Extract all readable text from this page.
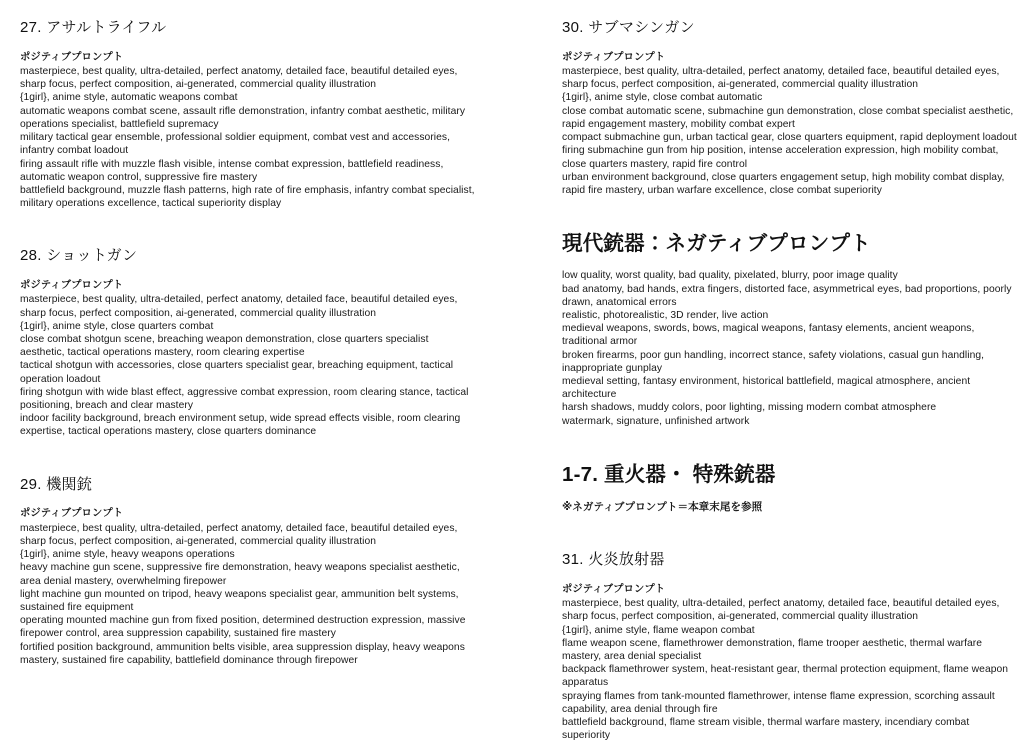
27. アサルトライフル
ポジティブプロンプト

masterpiece, best quality, ultra-detailed, perfect anatomy, detailed face, beautiful detailed eyes, sharp focus, perfect composition, ai-generated, commercial quality illustration

{1girl}, anime style, automatic weapons combat

automatic weapons combat scene, assault rifle demonstration, infantry combat aesthetic, military operations specialist, battlefield supremacy

military tactical gear ensemble, professional soldier equipment, combat vest and accessories, infantry combat loadout

firing assault rifle with muzzle flash visible, intense combat expression, battlefield readiness, automatic weapon control, suppressive fire mastery

battlefield background, muzzle flash patterns, high rate of fire emphasis, infantry combat specialist, military operations excellence, tactical superiority display

28. ショットガン
ポジティブプロンプト

masterpiece, best quality, ultra-detailed, perfect anatomy, detailed face, beautiful detailed eyes, sharp focus, perfect composition, ai-generated, commercial quality illustration

{1girl}, anime style, close quarters combat

close combat shotgun scene, breaching weapon demonstration, close quarters specialist aesthetic, tactical operations mastery, room clearing expertise

tactical shotgun with accessories, close quarters specialist gear, breaching equipment, tactical operation loadout

firing shotgun with wide blast effect, aggressive combat expression, room clearing stance, tactical positioning, breach and clear mastery

indoor facility background, breach environment setup, wide spread effects visible, room clearing expertise, tactical operations mastery, close quarters dominance

29. 機関銃
ポジティブプロンプト

masterpiece, best quality, ultra-detailed, perfect anatomy, detailed face, beautiful detailed eyes, sharp focus, perfect composition, ai-generated, commercial quality illustration

{1girl}, anime style, heavy weapons operations

heavy machine gun scene, suppressive fire demonstration, heavy weapons specialist aesthetic, area denial mastery, overwhelming firepower

light machine gun mounted on tripod, heavy weapons specialist gear, ammunition belt systems, sustained fire equipment

operating mounted machine gun from fixed position, determined destruction expression, massive firepower control, area suppression capability, sustained fire mastery

fortified position background, ammunition belts visible, area suppression display, heavy weapons mastery, sustained fire capability, battlefield dominance through firepower

30. サブマシンガン
ポジティブプロンプト

masterpiece, best quality, ultra-detailed, perfect anatomy, detailed face, beautiful detailed eyes, sharp focus, perfect composition, ai-generated, commercial quality illustration

{1girl}, anime style, close combat automatic

close combat automatic scene, submachine gun demonstration, close combat specialist aesthetic, rapid engagement mastery, mobility combat expert

compact submachine gun, urban tactical gear, close quarters equipment, rapid deployment loadout

firing submachine gun from hip position, intense acceleration expression, high mobility combat, close quarters mastery, rapid fire control

urban environment background, close quarters engagement setup, high mobility combat display, rapid fire mastery, urban warfare excellence, close combat superiority

現代銃器：ネガティブプロンプト

low quality, worst quality, bad quality, pixelated, blurry, poor image quality

bad anatomy, bad hands, extra fingers, distorted face, asymmetrical eyes, bad proportions, poorly drawn, anatomical errors

realistic, photorealistic, 3D render, live action

medieval weapons, swords, bows, magical weapons, fantasy elements, ancient weapons, traditional armor

broken firearms, poor gun handling, incorrect stance, safety violations, casual gun handling, inappropriate gunplay

medieval setting, fantasy environment, historical battlefield, magical atmosphere, ancient architecture

harsh shadows, muddy colors, poor lighting, missing modern combat atmosphere

watermark, signature, unfinished artwork

1-7. 重火器・ 特殊銃器
※ネガティブプロンプト＝本章末尾を参照
31. 火炎放射器
ポジティブプロンプト

masterpiece, best quality, ultra-detailed, perfect anatomy, detailed face, beautiful detailed eyes, sharp focus, perfect composition, ai-generated, commercial quality illustration

{1girl}, anime style, flame weapon combat

flame weapon scene, flamethrower demonstration, flame trooper aesthetic, thermal warfare mastery, area denial specialist

backpack flamethrower system, heat-resistant gear, thermal protection equipment, flame weapon apparatus

spraying flames from tank-mounted flamethrower, intense flame expression, scorching assault capability, area denial through fire

battlefield background, flame stream visible, thermal warfare mastery, incendiary combat superiority
